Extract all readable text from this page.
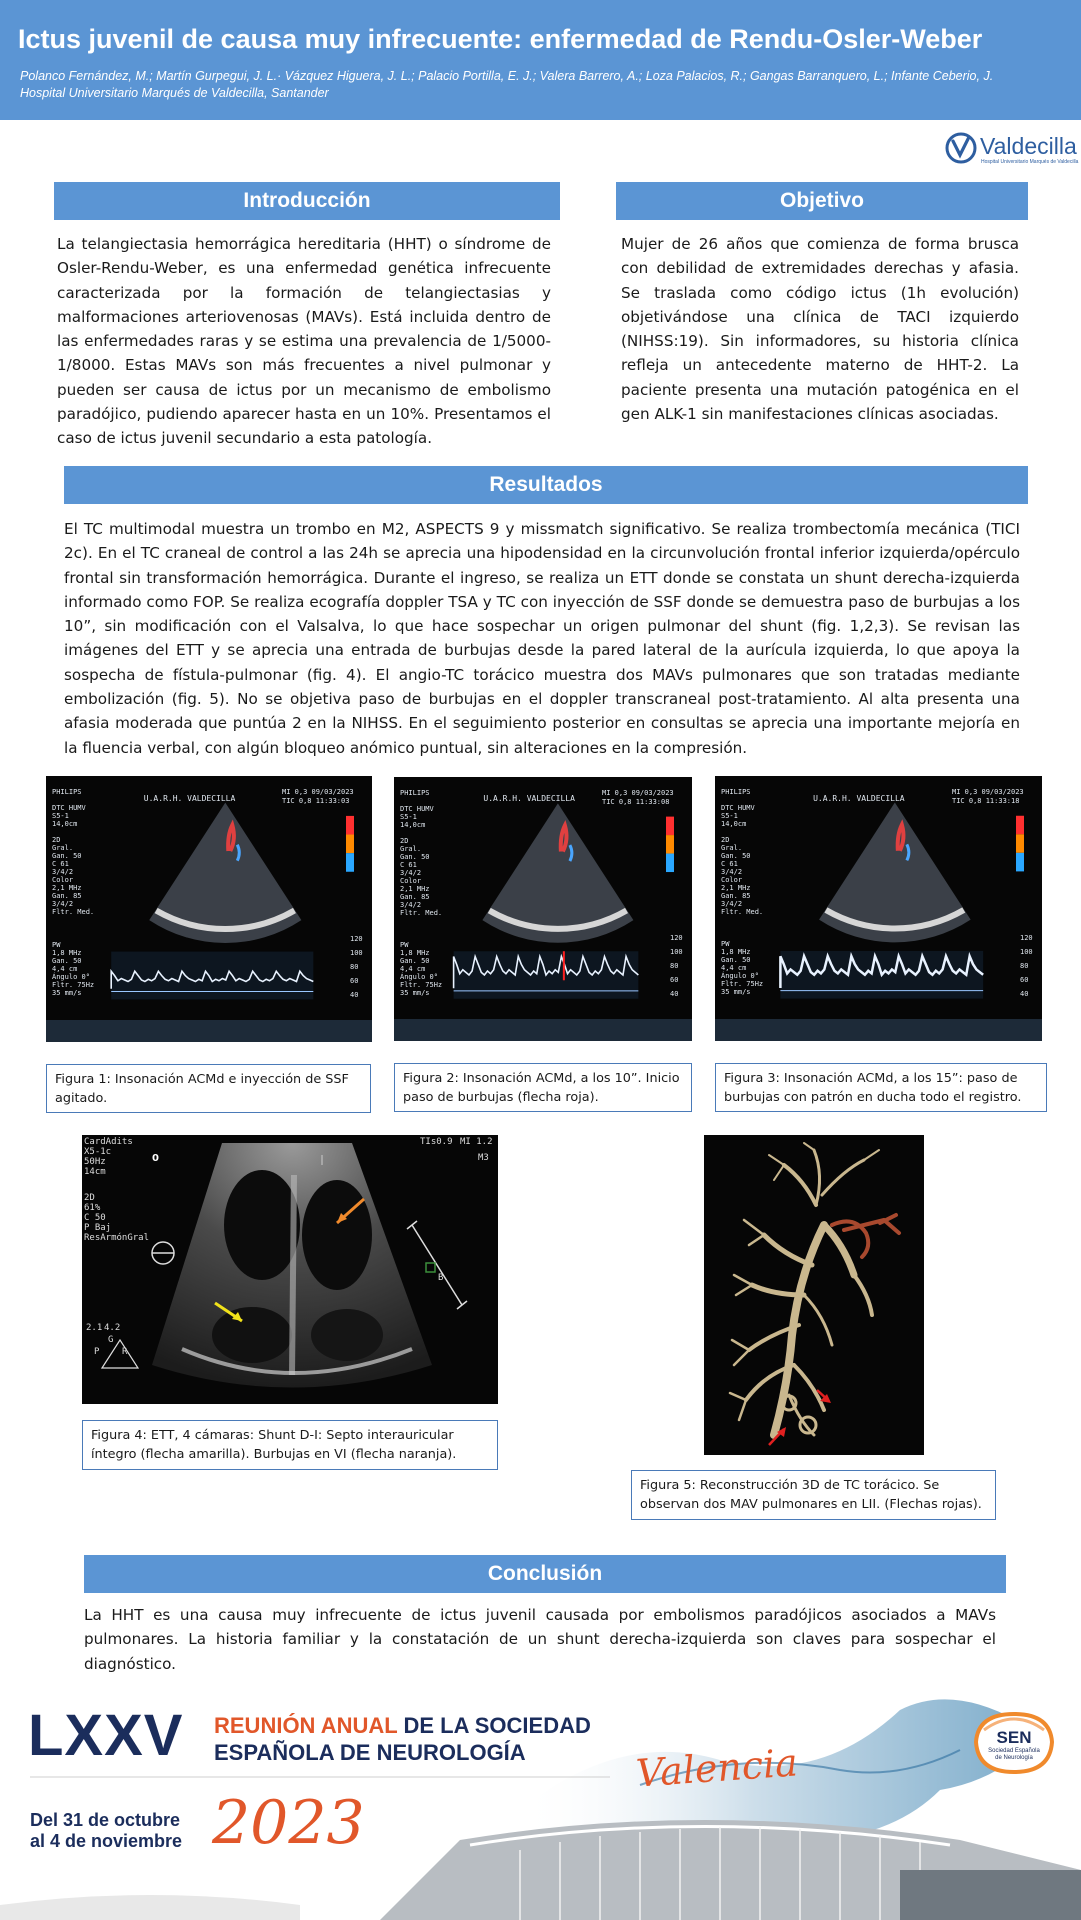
Ictus juvenil de causa muy infrecuente: enfermedad de Rendu-Osler-Weber
Polanco Fernández, M.; Martín Gurpegui, J. L.· Vázquez Higuera, J. L.; Palacio Portilla, E. J.; Valera Barrero, A.; Loza Palacios, R.; Gangas Barranquero, L.; Infante Ceberio, J.
Hospital Universitario Marqués de Valdecilla, Santander
Valdecilla
Hospital Universitario Marqués de Valdecilla
Introducción
La telangiectasia hemorrágica hereditaria (HHT) o síndrome de Osler-Rendu-Weber, es una enfermedad genética infrecuente caracterizada por la formación de telangiectasias y malformaciones arteriovenosas (MAVs). Está incluida dentro de las enfermedades raras y se estima una prevalencia de 1/5000-1/8000. Estas MAVs son más frecuentes a nivel pulmonar y pueden ser causa de ictus por un mecanismo de embolismo paradójico, pudiendo aparecer hasta en un 10%. Presentamos el caso de ictus juvenil secundario a esta patología.
Objetivo
Mujer de 26 años que comienza de forma brusca con debilidad de extremidades derechas y afasia. Se traslada como código ictus (1h evolución) objetivándose una clínica de TACI izquierdo (NIHSS:19). Sin informadores, su historia clínica refleja un antecedente materno de HHT-2. La paciente presenta una mutación patogénica en el gen ALK-1 sin manifestaciones clínicas asociadas.
Resultados
El TC multimodal muestra un trombo en M2, ASPECTS 9 y missmatch significativo. Se realiza trombectomía mecánica (TICI 2c). En el TC craneal de control a las 24h se aprecia una hipodensidad en la circunvolución frontal inferior izquierda/opérculo frontal sin transformación hemorrágica. Durante el ingreso, se realiza un ETT donde se constata un shunt derecha-izquierda informado como FOP. Se realiza ecografía doppler TSA y TC con inyección de SSF donde se demuestra paso de burbujas a los 10”, sin modificación con el Valsalva, lo que hace sospechar un origen pulmonar del shunt (fig. 1,2,3). Se revisan las imágenes del ETT y se aprecia una entrada de burbujas desde la pared lateral de la aurícula izquierda, lo que apoya la sospecha de fístula-pulmonar (fig. 4). El angio-TC torácico muestra dos MAVs pulmonares que son tratadas mediante embolización (fig. 5). No se objetiva paso de burbujas en el doppler transcraneal post-tratamiento. Al alta presenta una afasia moderada que puntúa 2 en la NIHSS. En el seguimiento posterior en consultas se aprecia una importante mejoría en la fluencia verbal, con algún bloqueo anómico puntual, sin alteraciones en la compresión.
PHILIPS
U.A.R.H. VALDECILLA
MI 0,3 09/03/2023
TIC 0,8 11:33:03
DTC HUMV
S5-1
14,0cm
2D
Gral.
Gan. 50
C 61
3/4/2
Color
2,1 MHz
Gan. 85
3/4/2
Fltr. Med.
PW
1,8 MHz
Gan. 50
4,4 cm
Ángulo 0°
Fltr. 75Hz
35 mm/s
120

100

80

60

40
PHILIPS
U.A.R.H. VALDECILLA
MI 0,3 09/03/2023
TIC 0,8 11:33:08
DTC HUMV
S5-1
14,0cm
2D
Gral.
Gan. 50
C 61
3/4/2
Color
2,1 MHz
Gan. 85
3/4/2
Fltr. Med.
PW
1,8 MHz
Gan. 50
4,4 cm
Ángulo 0°
Fltr. 75Hz
35 mm/s
120

100

80

60

40
PHILIPS
U.A.R.H. VALDECILLA
MI 0,3 09/03/2023
TIC 0,8 11:33:18
DTC HUMV
S5-1
14,0cm
2D
Gral.
Gan. 50
C 61
3/4/2
Color
2,1 MHz
Gan. 85
3/4/2
Fltr. Med.
PW
1,8 MHz
Gan. 50
4,4 cm
Ángulo 0°
Fltr. 75Hz
35 mm/s
120

100

80

60

40
Figura 1: Insonación ACMd e inyección de SSF agitado.
Figura 2: Insonación ACMd, a los 10”. Inicio paso de burbujas (flecha roja).
Figura 3: Insonación ACMd, a los 15”: paso de burbujas con patrón en ducha todo el registro.
CardAdits
X5-1c
50Hz
14cm
2D
61%
C 50
P Baj
ResArmónGral
0
TIs0.9 MI 1.2
M3
G
P	R
2.1 4.2
B
Figura 4: ETT, 4 cámaras: Shunt D-I: Septo interauricular íntegro (flecha amarilla). Burbujas en VI (flecha naranja).
Figura 5: Reconstrucción 3D de TC torácico. Se observan dos MAV pulmonares en LII. (Flechas rojas).
Conclusión
La HHT es una causa muy infrecuente de ictus juvenil causada por embolismos paradójicos asociados a MAVs pulmonares. La historia familiar y la constatación de un shunt derecha-izquierda son claves para sospechar el diagnóstico.
LXXV REUNIÓN ANUAL DE LA SOCIEDAD
ESPAÑOLA DE NEUROLOGÍA	Valencia
Del 31 de octubre
al 4 de noviembre 2023
SEN
Sociedad Española
de Neurología
